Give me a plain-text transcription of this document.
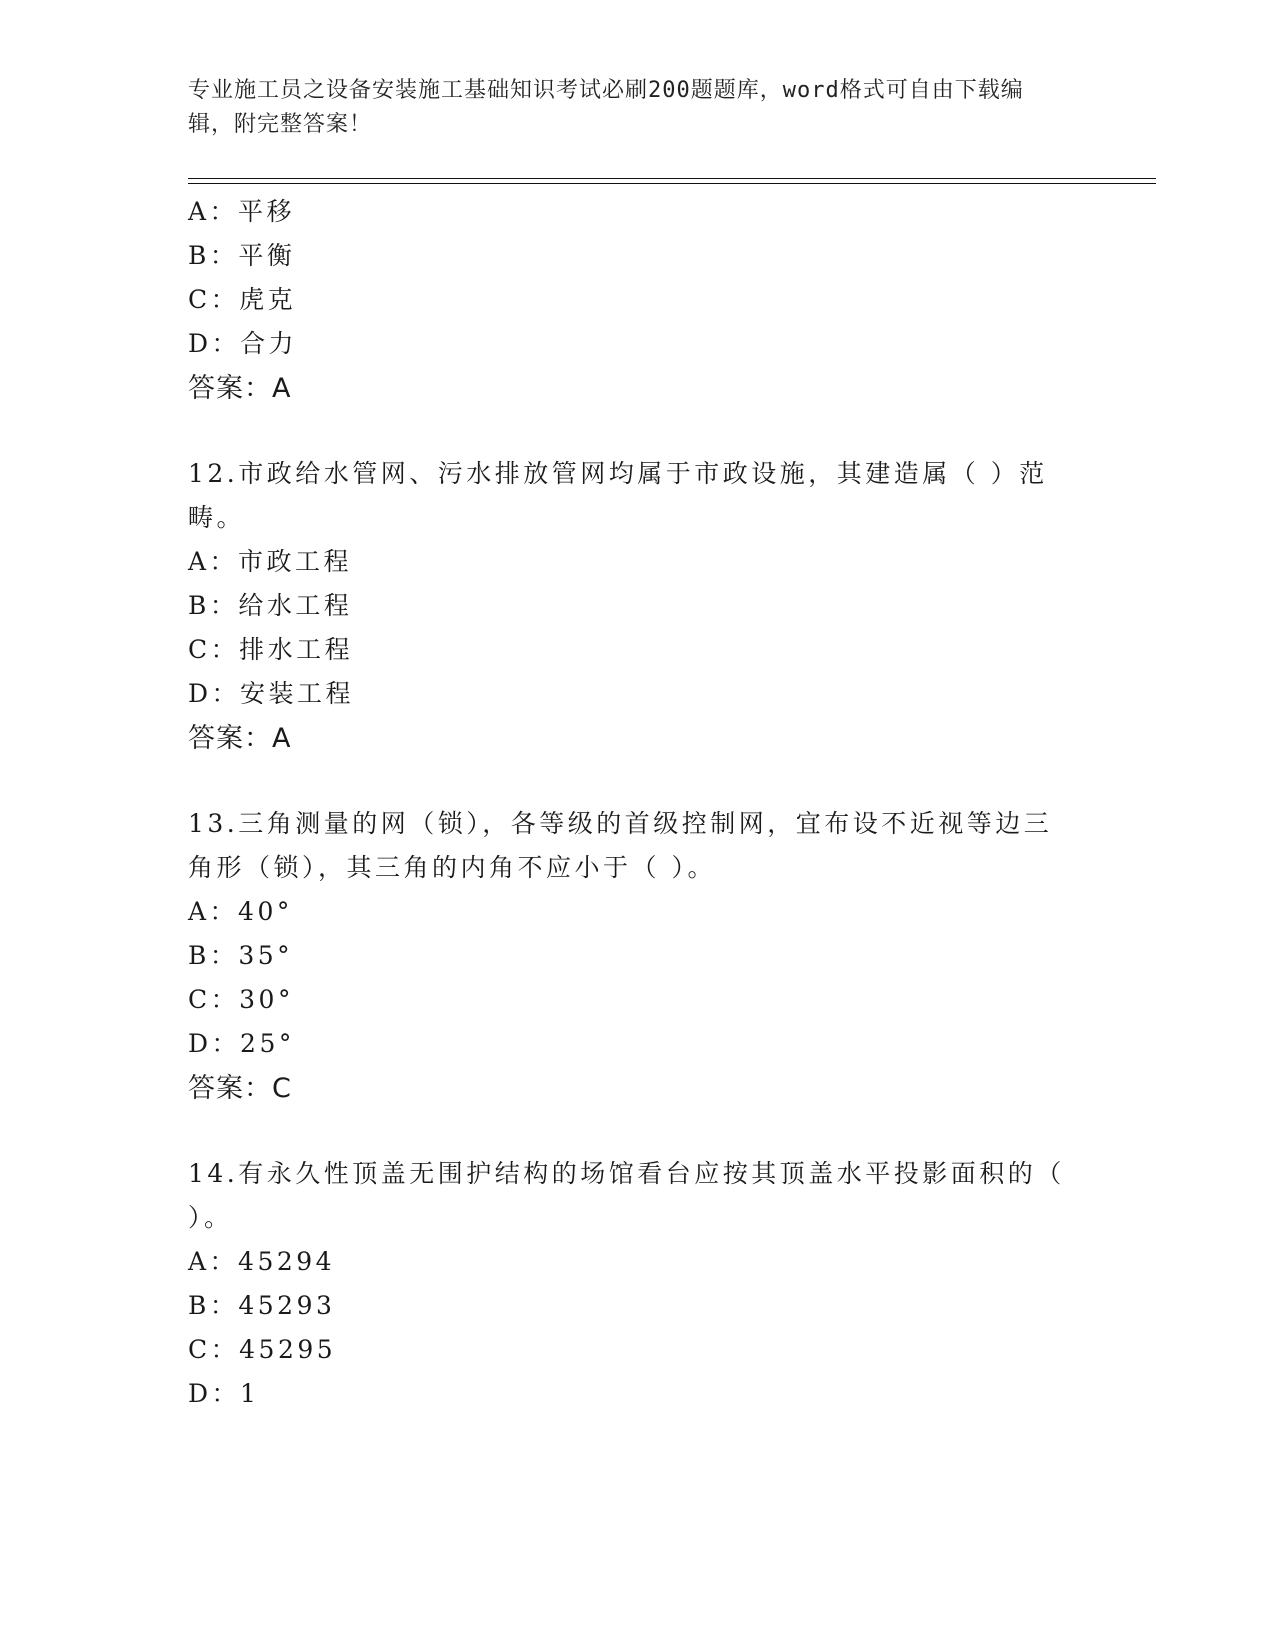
专业施工员之设备安装施工基础知识考试必刷200题题库，word格式可自由下载编辑，附完整答案！
A：平移
B：平衡
C：虎克
D：合力
答案：A
12.市政给水管网、污水排放管网均属于市政设施，其建造属（ ）范
畴。
A：市政工程
B：给水工程
C：排水工程
D：安装工程
答案：A
13.三角测量的网（锁），各等级的首级控制网，宜布设不近视等边三
角形（锁），其三角的内角不应小于（ ）。
A：40°
B：35°
C：30°
D：25°
答案：C
14.有永久性顶盖无围护结构的场馆看台应按其顶盖水平投影面积的（
）。
A：45294
B：45293
C：45295
D：1
